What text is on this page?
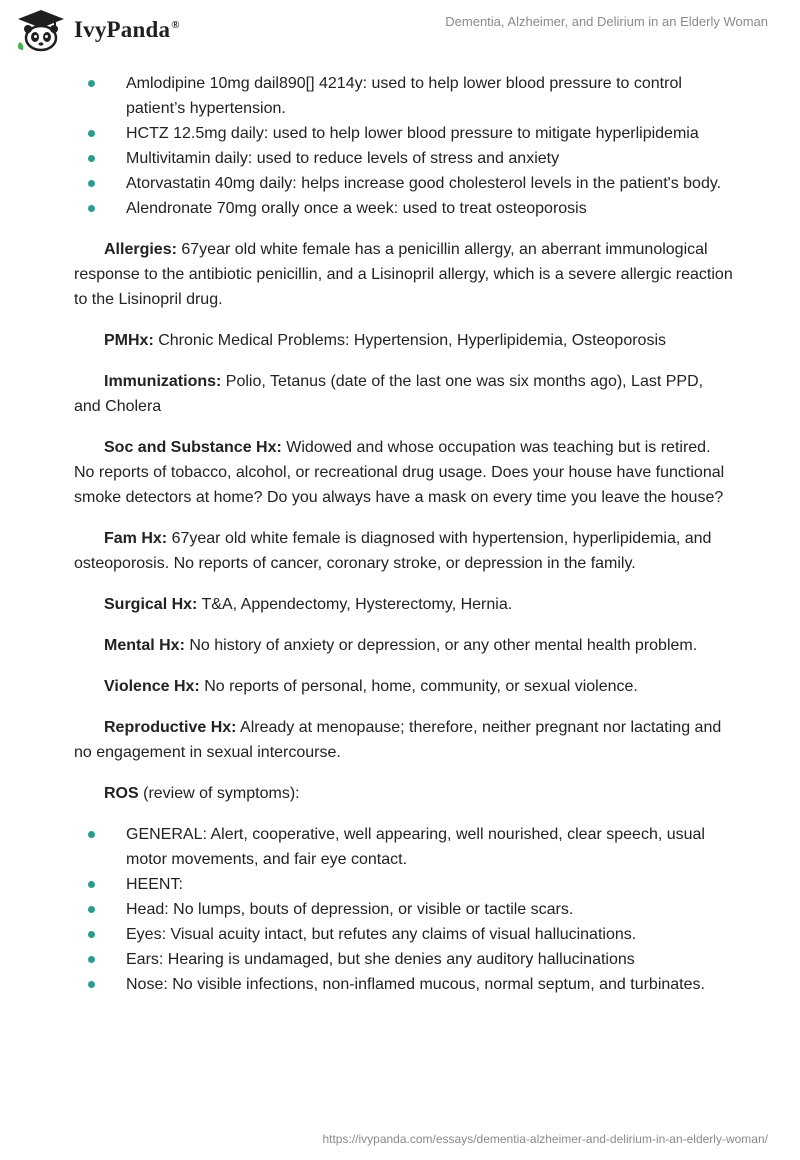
IvyPanda®	Dementia, Alzheimer, and Delirium in an Elderly Woman
Amlodipine 10mg dail890[] 4214y: used to help lower blood pressure to control patient’s hypertension.
HCTZ 12.5mg daily: used to help lower blood pressure to mitigate hyperlipidemia
Multivitamin daily: used to reduce levels of stress and anxiety
Atorvastatin 40mg daily: helps increase good cholesterol levels in the patient's body.
Alendronate 70mg orally once a week: used to treat osteoporosis

Allergies: 67year old white female has a penicillin allergy, an aberrant immunological response to the antibiotic penicillin, and a Lisinopril allergy, which is a severe allergic reaction to the Lisinopril drug.

PMHx: Chronic Medical Problems: Hypertension, Hyperlipidemia, Osteoporosis

Immunizations: Polio, Tetanus (date of the last one was six months ago), Last PPD, and Cholera

Soc and Substance Hx: Widowed and whose occupation was teaching but is retired. No reports of tobacco, alcohol, or recreational drug usage. Does your house have functional smoke detectors at home? Do you always have a mask on every time you leave the house?

Fam Hx: 67year old white female is diagnosed with hypertension, hyperlipidemia, and osteoporosis. No reports of cancer, coronary stroke, or depression in the family.

Surgical Hx: T&A, Appendectomy, Hysterectomy, Hernia.

Mental Hx: No history of anxiety or depression, or any other mental health problem.

Violence Hx: No reports of personal, home, community, or sexual violence.

Reproductive Hx: Already at menopause; therefore, neither pregnant nor lactating and no engagement in sexual intercourse.

ROS (review of symptoms):

GENERAL: Alert, cooperative, well appearing, well nourished, clear speech, usual motor movements, and fair eye contact.
HEENT:
Head: No lumps, bouts of depression, or visible or tactile scars.
Eyes: Visual acuity intact, but refutes any claims of visual hallucinations.
Ears: Hearing is undamaged, but she denies any auditory hallucinations
Nose: No visible infections, non-inflamed mucous, normal septum, and turbinates.
https://ivypanda.com/essays/dementia-alzheimer-and-delirium-in-an-elderly-woman/
